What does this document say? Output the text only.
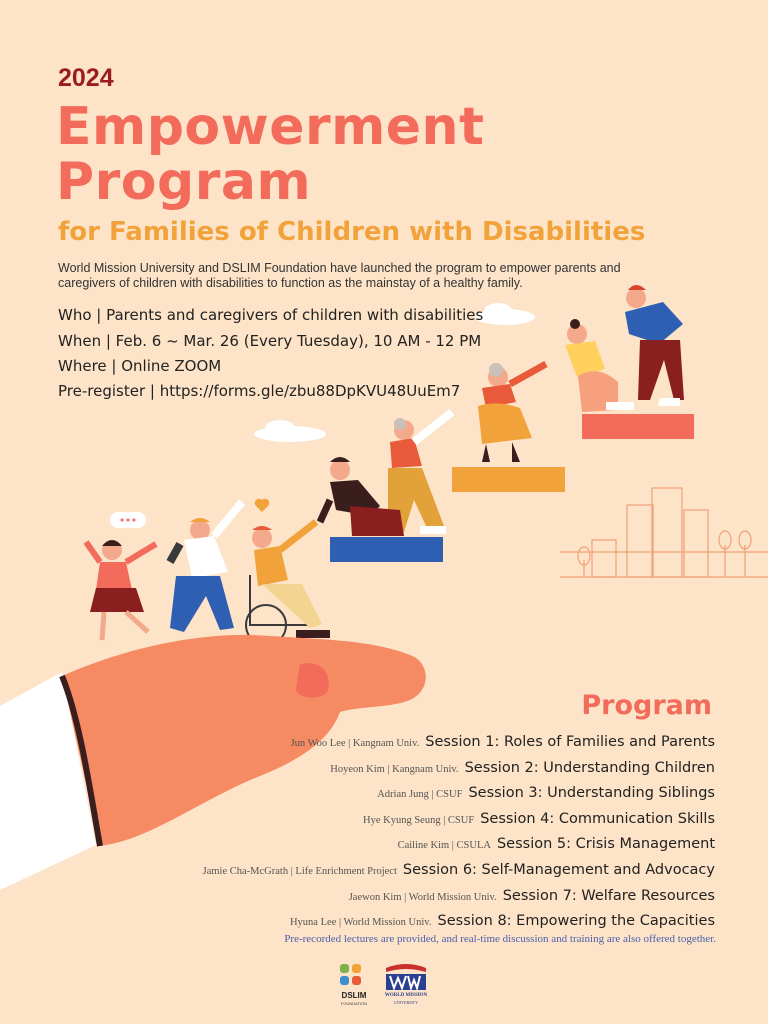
2024
Empowerment
Program
for Families of Children with Disabilities
World Mission University and DSLIM Foundation have launched the program to empower parents and caregivers of children with disabilities to function as the mainstay of a healthy family.
Who | Parents and caregivers of children with disabilities
When | Feb. 6 ~ Mar. 26 (Every Tuesday), 10 AM - 12 PM
Where | Online ZOOM
Pre-register | https://forms.gle/zbu88DpKVU48UuEm7
Program
Jun Woo Lee | Kangnam Univ. Session 1: Roles of Families and Parents
Hoyeon Kim | Kangnam Univ. Session 2: Understanding Children
Adrian Jung | CSUF Session 3: Understanding Siblings
Hye Kyung Seung | CSUF Session 4: Communication Skills
Cailine Kim | CSULA Session 5: Crisis Management
Jamie Cha-McGrath | Life Enrichment Project Session 6: Self-Management and Advocacy
Jaewon Kim | World Mission Univ. Session 7: Welfare Resources
Hyuna Lee | World Mission Univ. Session 8: Empowering the Capacities
Pre-recorded lectures are provided, and real-time discussion and training are also offered together.
DSLIM
FOUNDATION
WORLD MISSION
UNIVERSITY
